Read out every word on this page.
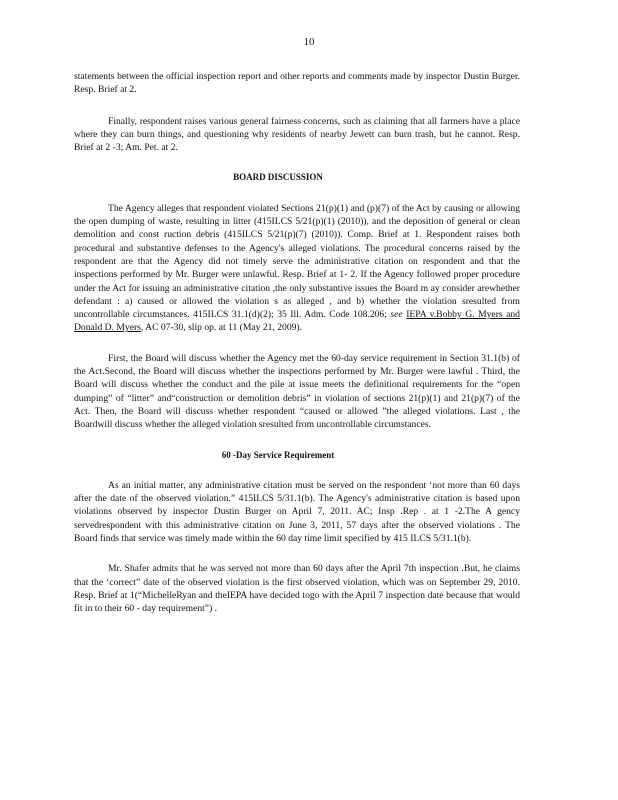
10

statements between the official inspection report and other reports and comments made by inspector Dustin Burger. Resp. Brief at 2.

Finally, respondent raises various general fairness concerns, such as claiming that all farmers have a place where they can burn things, and questioning why residents of nearby Jewett can burn trash, but he cannot. Resp. Brief at 2 -3; Am. Pet. at 2.

BOARD DISCUSSION

The Agency alleges that respondent violated Sections 21(p)(1) and (p)(7) of the Act by causing or allowing the open dumping of waste, resulting in litter (415ILCS 5/21(p)(1) (2010)), and the deposition of general or clean demolition and const ruction debris (415ILCS 5/21(p)(7) (2010)). Comp. Brief at 1. Respondent raises both procedural and substantive defenses to the Agency's alleged violations. The procedural concerns raised by the respondent are that the Agency did not timely serve the administrative citation on respondent and that the inspections performed by Mr. Burger were unlawful. Resp. Brief at 1- 2. If the Agency followed proper procedure under the Act for issuing an administrative citation ,the only substantive issues the Board m ay consider arewhether defendant : a) caused or allowed the violation s as alleged , and b) whether the violation sresulted from uncontrollable circumstances. 415ILCS 31.1(d)(2); 35 Ill. Adm. Code 108.206; see IEPA v.Bobby G. Myers and Donald D. Myers, AC 07-30, slip op. at 11 (May 21, 2009).

First, the Board will discuss whether the Agency met the 60-day service requirement in Section 31.1(b) of the Act.Second, the Board will discuss whether the inspections performed by Mr. Burger were lawful . Third, the Board will discuss whether the conduct and the pile at issue meets the definitional requirements for the “open dumping” of “litter” and“construction or demolition debris” in violation of sections 21(p)(1) and 21(p)(7) of the Act. Then, the Board will discuss whether respondent “caused or allowed ”the alleged violations. Last , the Boardwill discuss whether the alleged violation sresulted from uncontrollable circumstances.

60 -Day Service Requirement

As an initial matter, any administrative citation must be served on the respondent ‘not more than 60 days after the date of the observed violation.” 415ILCS 5/31.1(b). The Agency's administrative citation is based upon violations observed by inspector Dustin Burger on April 7, 2011. AC; Insp .Rep . at 1 -2.The A gency servedrespondent with this administrative citation on June 3, 2011, 57 days after the observed violations . The Board finds that service was timely made within the 60 day time limit specified by 415 ILCS 5/31.1(b).

Mr. Shafer admits that he was served not more than 60 days after the April 7th inspection .But, he claims that the ‘correct” date of the observed violation is the first observed violation, which was on September 29, 2010. Resp. Brief at 1(“MichelleRyan and theIEPA have decided togo with the April 7 inspection date because that would fit in to their 60 - day requirement”) .
